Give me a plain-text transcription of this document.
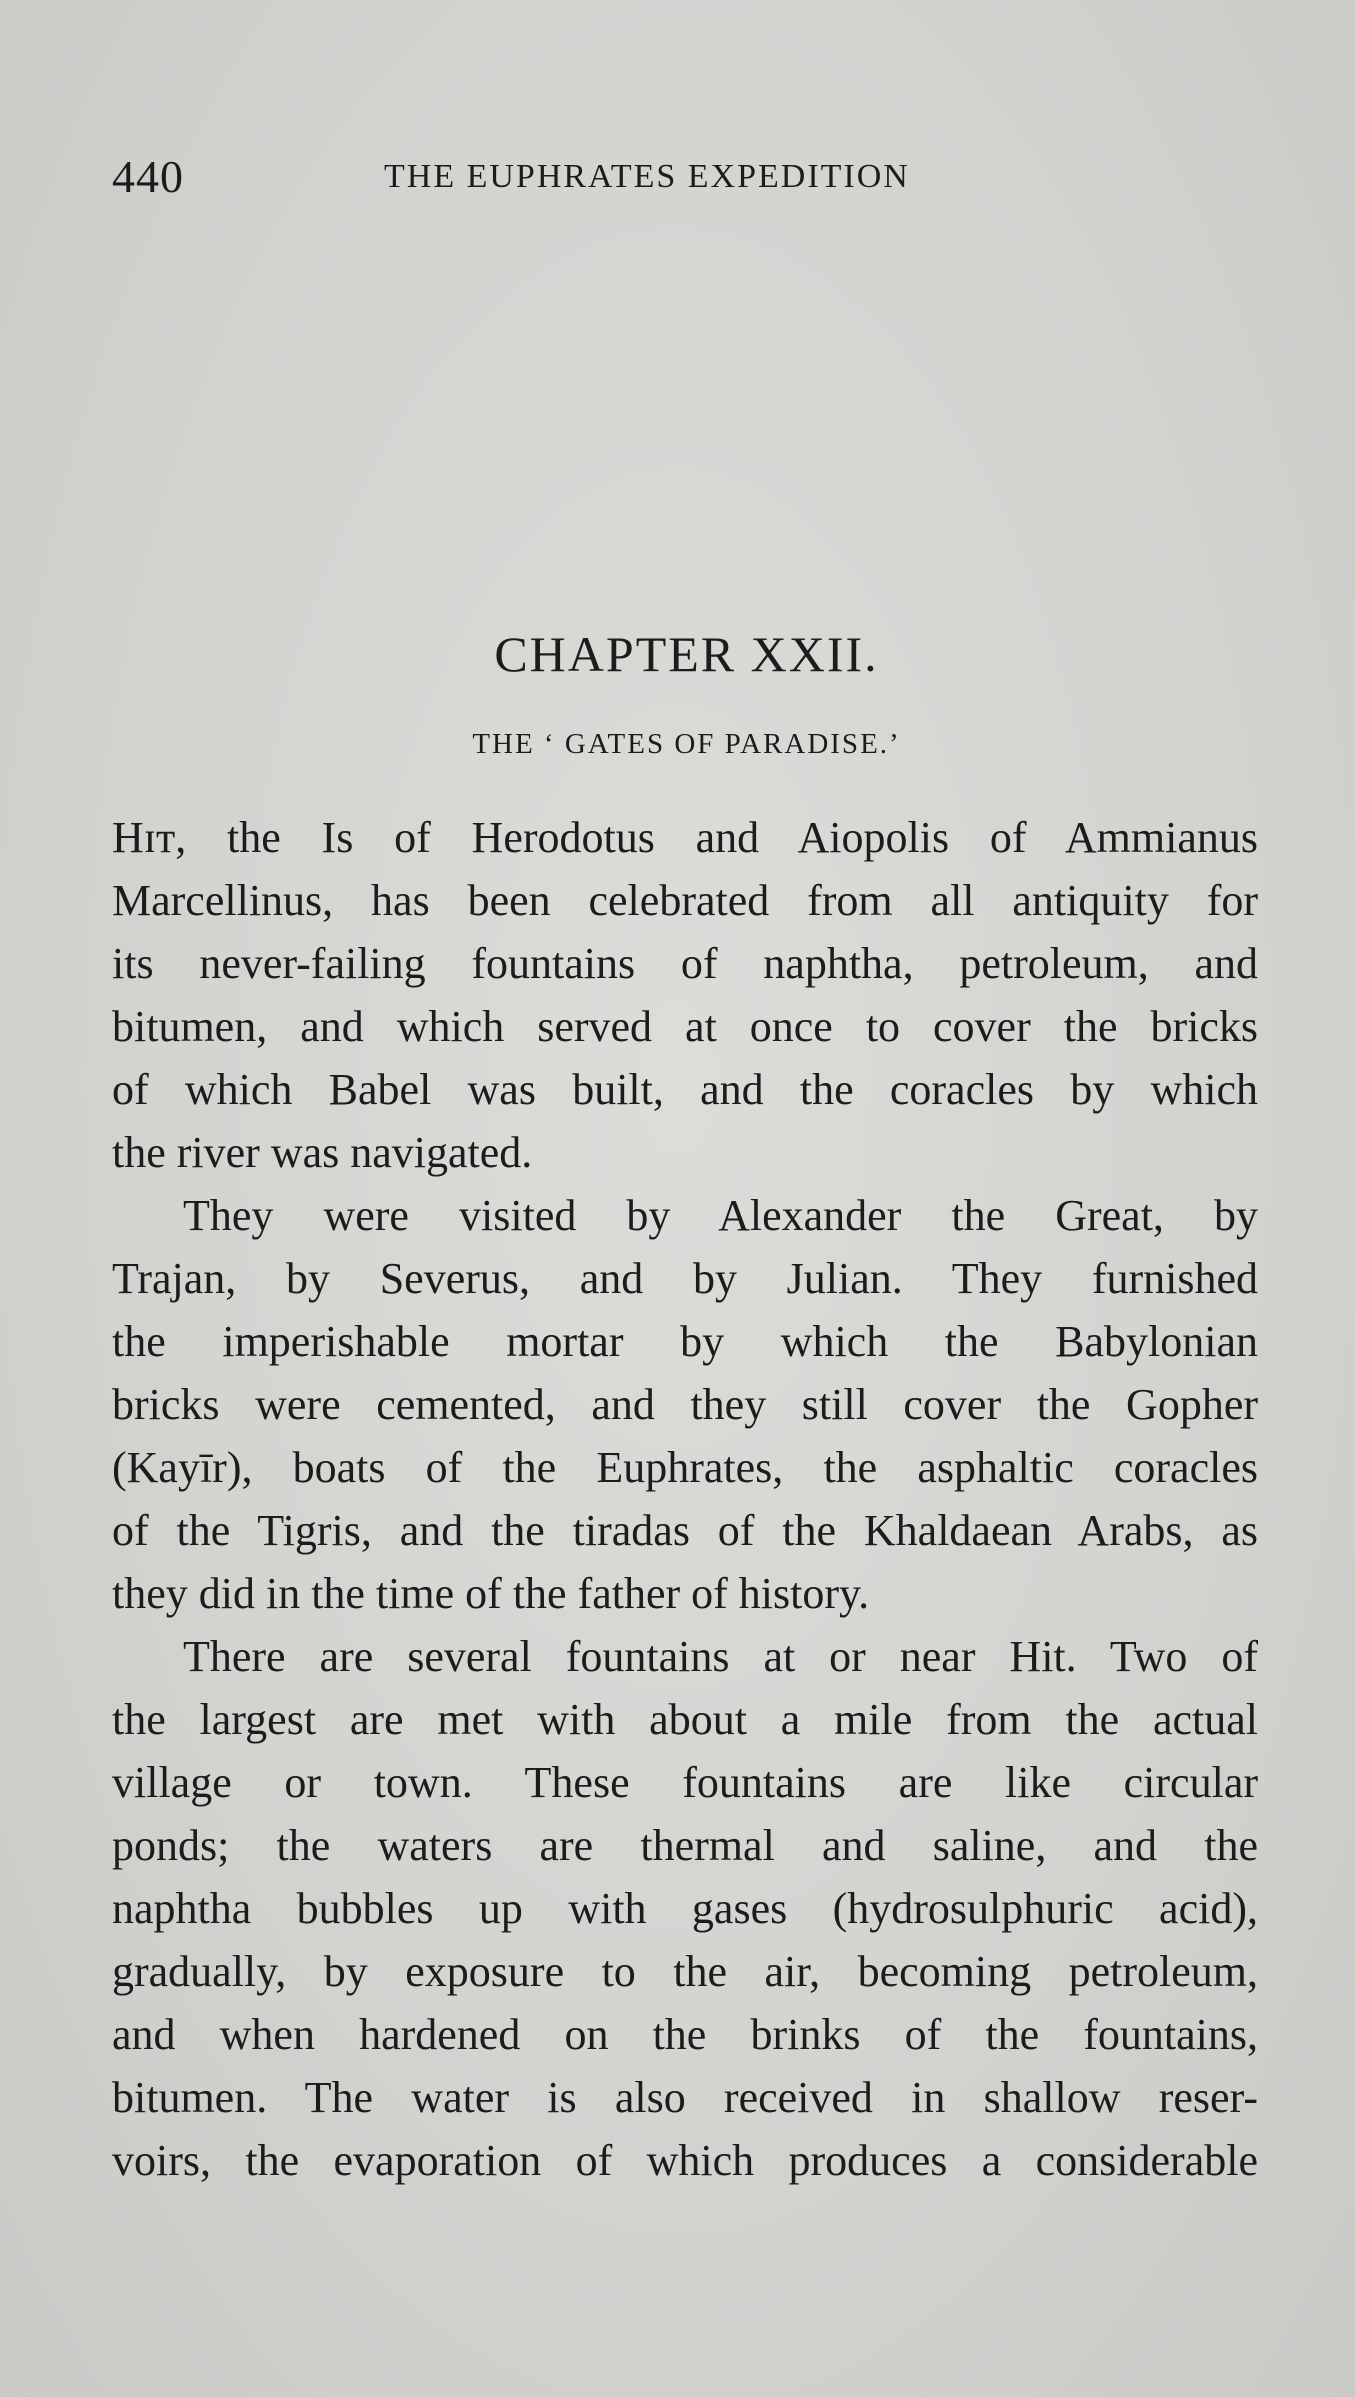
440	THE EUPHRATES EXPEDITION
CHAPTER XXII.
THE ‘ GATES OF PARADISE.’
Hɪᴛ, the Is of Herodotus and Aiopolis of Ammianus
Marcellinus, has been celebrated from all antiquity for
its never-failing fountains of naphtha, petroleum, and
bitumen, and which served at once to cover the bricks
of which Babel was built, and the coracles by which
the river was navigated.
They were visited by Alexander the Great, by
Trajan, by Severus, and by Julian. They furnished
the imperishable mortar by which the Babylonian
bricks were cemented, and they still cover the Gopher
(Kayīr), boats of the Euphrates, the asphaltic coracles
of the Tigris, and the tiradas of the Khaldaean Arabs, as
they did in the time of the father of history.
There are several fountains at or near Hit. Two of
the largest are met with about a mile from the actual
village or town. These fountains are like circular
ponds; the waters are thermal and saline, and the
naphtha bubbles up with gases (hydrosulphuric acid),
gradually, by exposure to the air, becoming petroleum,
and when hardened on the brinks of the fountains,
bitumen. The water is also received in shallow reser-
voirs, the evaporation of which produces a considerable
